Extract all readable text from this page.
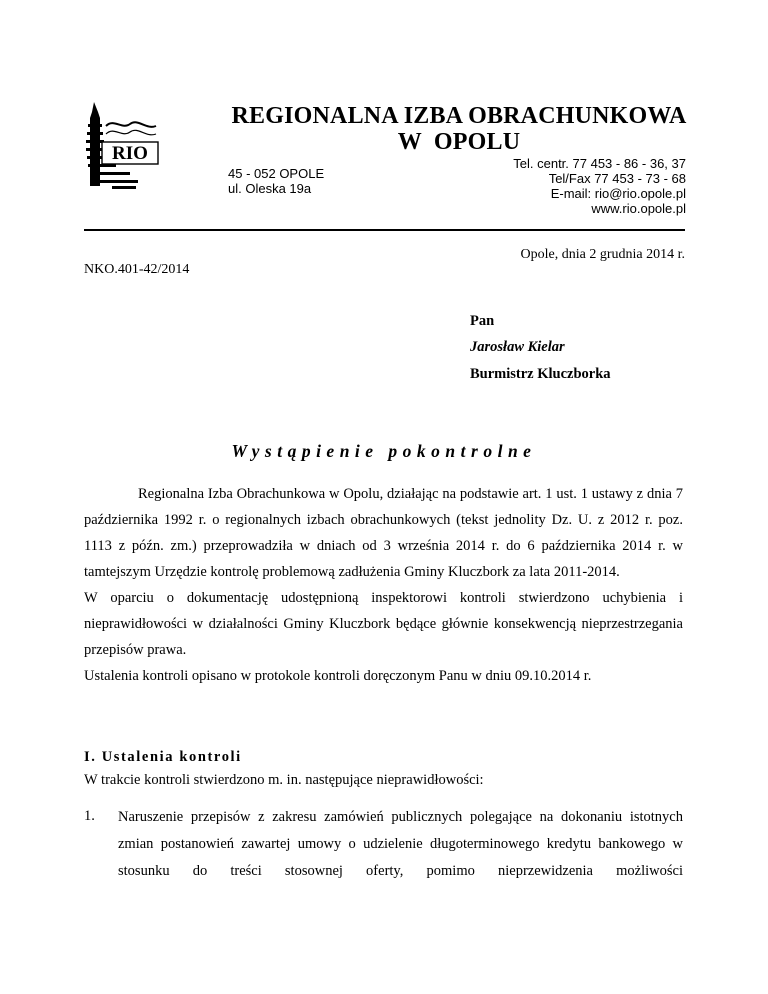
RIO
REGIONALNA IZBA OBRACHUNKOWA
W  OPOLU
45 - 052 OPOLE
ul. Oleska 19a
Tel. centr. 77 453 - 86 - 36, 37
Tel/Fax 77 453 - 73 - 68
E-mail: rio@rio.opole.pl
www.rio.opole.pl
Opole, dnia 2 grudnia 2014 r.
NKO.401-42/2014
Pan
Jarosław Kielar
Burmistrz Kluczborka
Wystąpienie pokontrolne

Regionalna Izba Obrachunkowa w Opolu, działając na podstawie art. 1 ust. 1 ustawy z dnia 7 października 1992 r. o regionalnych izbach obrachunkowych (tekst jednolity Dz. U. z 2012 r. poz. 1113 z późn. zm.) przeprowadziła w dniach od 3 września 2014 r. do 6 października 2014 r. w tamtejszym Urzędzie kontrolę problemową zadłużenia Gminy Kluczbork za lata 2011-2014.

W oparciu o dokumentację udostępnioną inspektorowi kontroli stwierdzono uchybienia i nieprawidłowości w działalności Gminy Kluczbork będące głównie konsekwencją nieprzestrzegania przepisów prawa.

Ustalenia kontroli opisano w protokole kontroli doręczonym Panu w dniu 09.10.2014 r.

I. Ustalenia kontroli
W trakcie kontroli stwierdzono m. in. następujące nieprawidłowości:
1. Naruszenie przepisów z zakresu zamówień publicznych polegające na dokonaniu istotnych zmian postanowień zawartej umowy o udzielenie długoterminowego kredytu bankowego w stosunku do treści stosownej oferty, pomimo nieprzewidzenia możliwości
